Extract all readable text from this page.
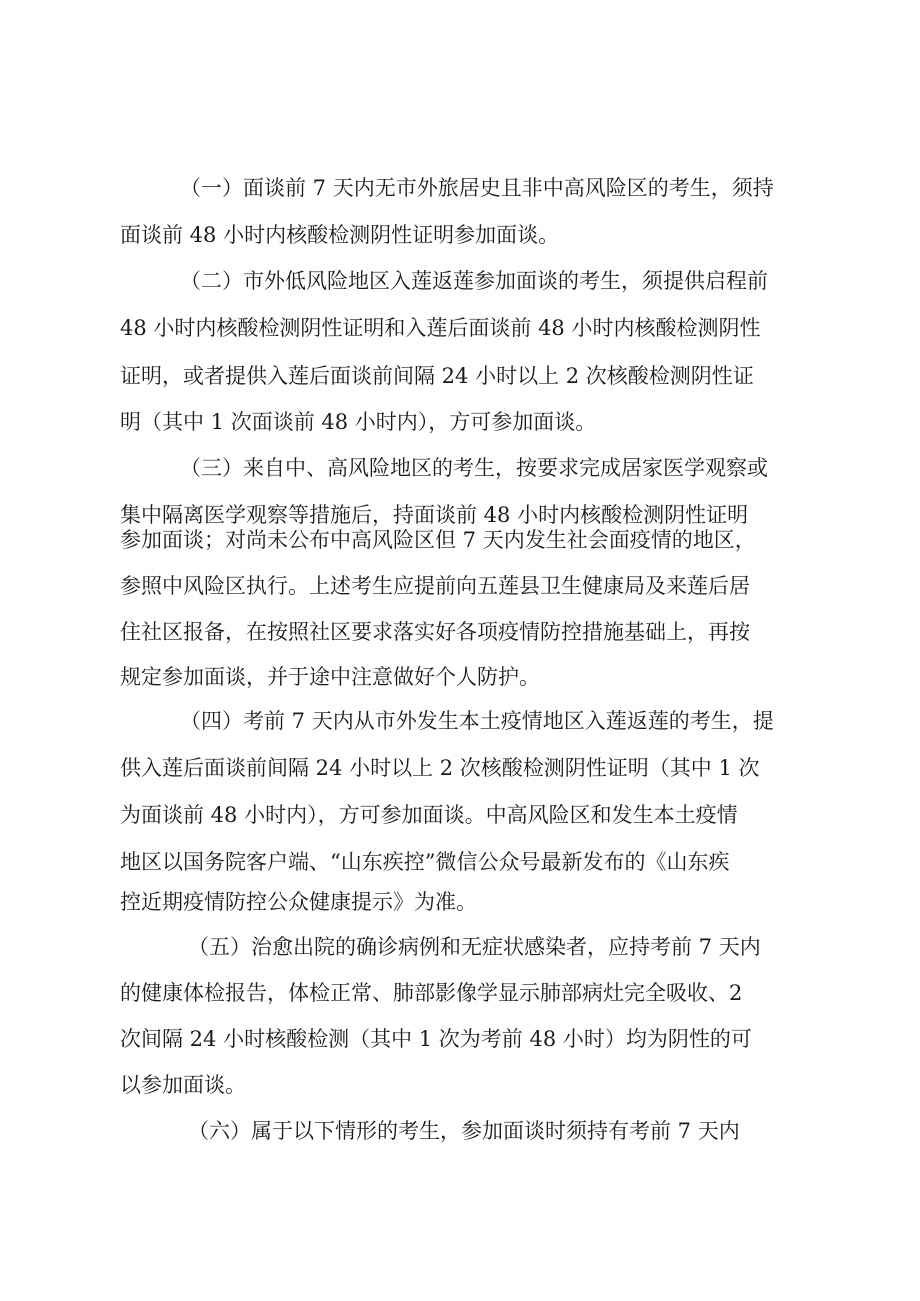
（一）面谈前 7 天内无市外旅居史且非中高风险区的考生，须持
面谈前 48 小时内核酸检测阴性证明参加面谈。
（二）市外低风险地区入莲返莲参加面谈的考生，须提供启程前
48 小时内核酸检测阴性证明和入莲后面谈前 48 小时内核酸检测阴性
证明，或者提供入莲后面谈前间隔 24 小时以上 2 次核酸检测阴性证
明（其中 1 次面谈前 48 小时内），方可参加面谈。
（三）来自中、高风险地区的考生，按要求完成居家医学观察或
集中隔离医学观察等措施后，持面谈前 48 小时内核酸检测阴性证明
参加面谈；对尚未公布中高风险区但 7 天内发生社会面疫情的地区，
参照中风险区执行。上述考生应提前向五莲县卫生健康局及来莲后居
住社区报备，在按照社区要求落实好各项疫情防控措施基础上，再按
规定参加面谈，并于途中注意做好个人防护。
（四）考前 7 天内从市外发生本土疫情地区入莲返莲的考生，提
供入莲后面谈前间隔 24 小时以上 2 次核酸检测阴性证明（其中 1 次
为面谈前 48 小时内），方可参加面谈。中高风险区和发生本土疫情
地区以国务院客户端、“山东疾控”微信公众号最新发布的《山东疾
控近期疫情防控公众健康提示》为准。
（五）治愈出院的确诊病例和无症状感染者，应持考前 7 天内
的健康体检报告，体检正常、肺部影像学显示肺部病灶完全吸收、2
次间隔 24 小时核酸检测（其中 1 次为考前 48 小时）均为阴性的可
以参加面谈。
（六）属于以下情形的考生，参加面谈时须持有考前 7 天内
